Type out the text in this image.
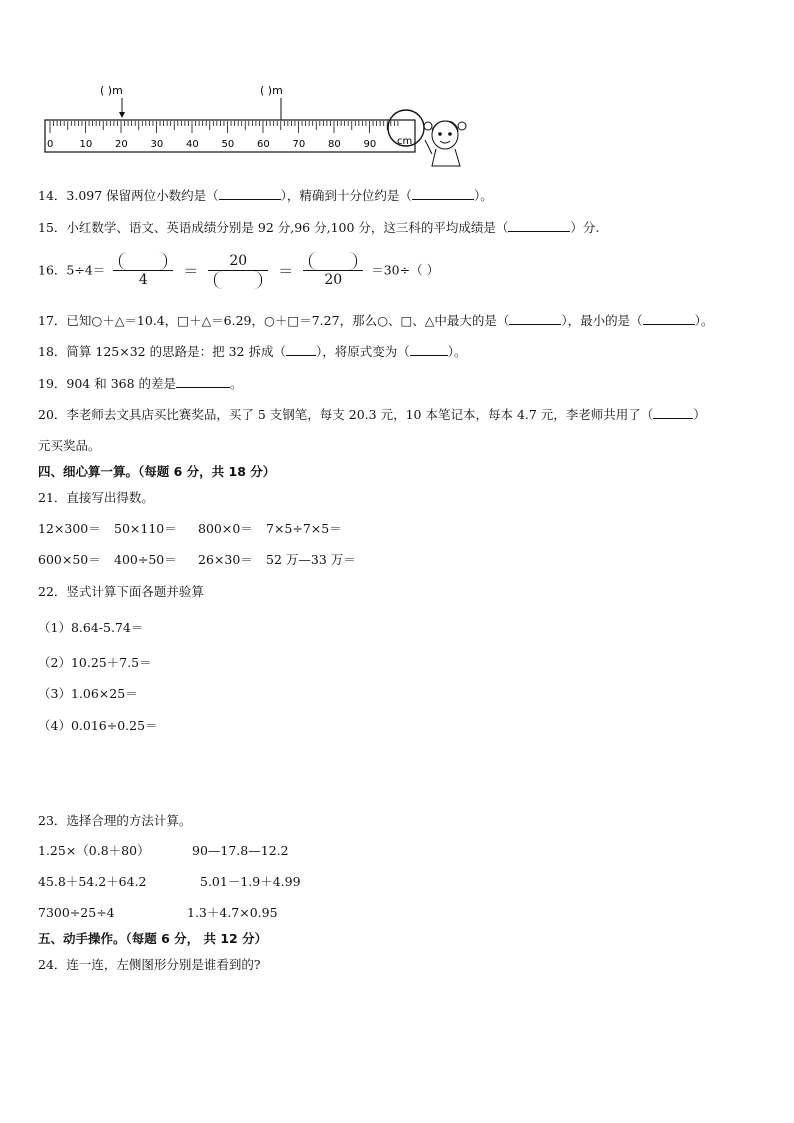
( )m	( )m
0	10 20 30 40 50 60 70 80 90 cm
14．3.097 保留两位小数约是（	），精确到十分位约是（	）。
15．小红数学、语文、英语成绩分别是 92 分,96 分,100 分，这三科的平均成绩是（	）分.
16．5÷4＝
4
＝
20
＝
20
＝30÷（ ）
17．已知○＋△＝10.4，□＋△＝6.29，○＋□＝7.27，那么○、□、△中最大的是（	），最小的是（	）。
18．简算 125×32 的思路是：把 32 拆成（ ），将原式变为（	）。
19．904 和 368 的差是	。
20．李老师去文具店买比赛奖品，买了 5 支钢笔，每支 20.3 元，10 本笔记本，每本 4.7 元，李老师共用了（	）
元买奖品。
四、细心算一算。（每题 6 分，共 18 分）
21．直接写出得数。
12×300＝ 50×110＝ 800×0＝ 7×5÷7×5＝
600×50＝ 400÷50＝ 26×30＝ 52 万—33 万＝
22．竖式计算下面各题并验算
（1）8.64-5.74＝
（2）10.25＋7.5＝
（3）1.06×25＝
（4）0.016÷0.25＝
23．选择合理的方法计算。
1.25×（0.8＋80）	90—17.8—12.2
45.8＋54.2＋64.2	5.01－1.9＋4.99
7300÷25÷4	1.3＋4.7×0.95
五、动手操作。（每题 6 分， 共 12 分）
24．连一连，左侧图形分别是谁看到的?
